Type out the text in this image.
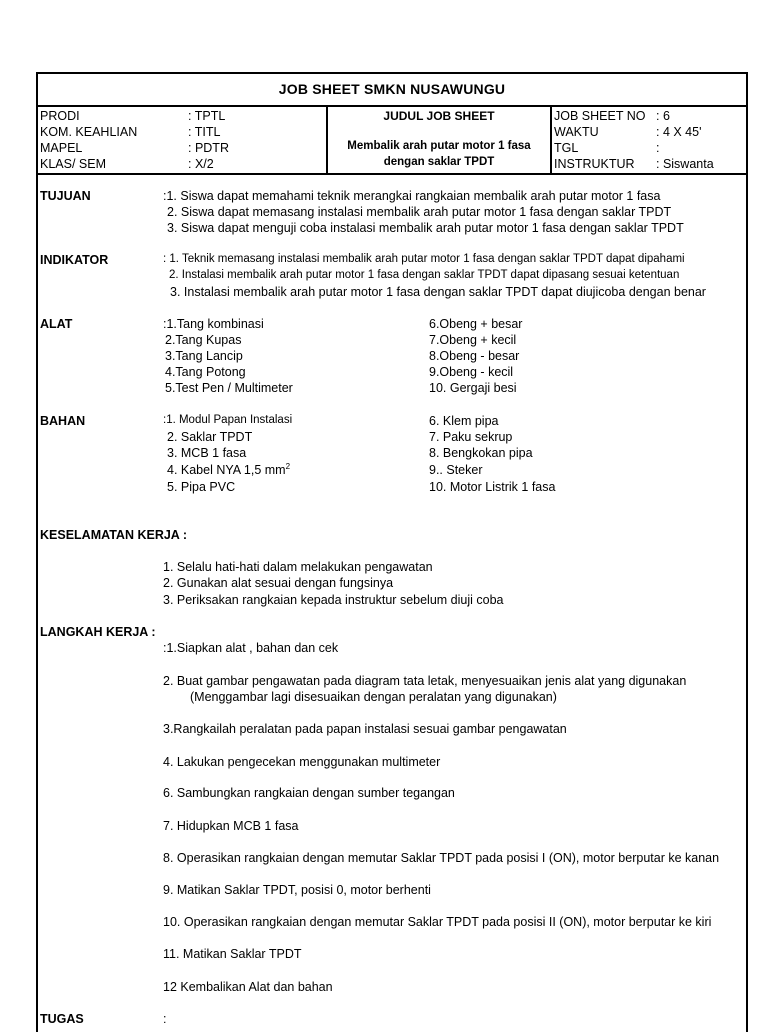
JOB SHEET SMKN NUSAWUNGU
PRODI	: TPTL
KOM. KEAHLIAN	: TITL
MAPEL	: PDTR
KLAS/ SEM	: X/2
JUDUL JOB SHEET
Membalik arah putar motor 1 fasa
dengan saklar TPDT
JOB SHEET NO : 6
WAKTU	: 4 X 45'
TGL	:
INSTRUKTUR : Siswanta
TUJUAN	:1. Siswa dapat memahami teknik merangkai rangkaian membalik arah putar motor 1 fasa
2. Siswa dapat memasang instalasi membalik arah putar motor 1 fasa dengan saklar TPDT
3. Siswa dapat menguji coba instalasi membalik arah putar motor 1 fasa dengan saklar TPDT
INDIKATOR	: 1. Teknik memasang instalasi membalik arah putar motor 1 fasa dengan saklar TPDT dapat dipahami
2. Instalasi membalik arah putar motor 1 fasa dengan saklar TPDT dapat dipasang sesuai ketentuan
3. Instalasi membalik arah putar motor 1 fasa dengan saklar TPDT dapat diujicoba dengan benar
ALAT	:1.Tang kombinasi
2.Tang Kupas
3.Tang Lancip
4.Tang Potong
5.Test Pen / Multimeter
6.Obeng + besar
7.Obeng + kecil
8.Obeng - besar
9.Obeng - kecil
10. Gergaji besi
BAHAN	:1. Modul Papan Instalasi
2. Saklar TPDT
3. MCB 1 fasa
4. Kabel NYA 1,5 $mm^2$
5. Pipa PVC
6. Klem pipa
7. Paku sekrup
8. Bengkokan pipa
9.. Steker
10. Motor Listrik 1 fasa
KESELAMATAN KERJA :
1. Selalu hati-hati dalam melakukan pengawatan
2. Gunakan alat sesuai dengan fungsinya
3. Periksakan rangkaian kepada instruktur sebelum diuji coba
LANGKAH KERJA :
:1.Siapkan alat , bahan dan cek
2. Buat gambar pengawatan pada diagram tata letak, menyesuaikan jenis alat yang digunakan
(Menggambar lagi disesuaikan dengan peralatan yang digunakan)
3.Rangkailah peralatan pada papan instalasi sesuai gambar pengawatan
4. Lakukan pengecekan menggunakan multimeter
6. Sambungkan rangkaian dengan sumber tegangan
7. Hidupkan MCB 1 fasa
8. Operasikan rangkaian dengan memutar Saklar TPDT pada posisi I (ON), motor berputar ke kanan
9. Matikan Saklar TPDT, posisi 0, motor berhenti
10. Operasikan rangkaian dengan memutar Saklar TPDT pada posisi II (ON), motor berputar ke kiri
11. Matikan Saklar TPDT
12 Kembalikan Alat dan bahan
TUGAS	:
